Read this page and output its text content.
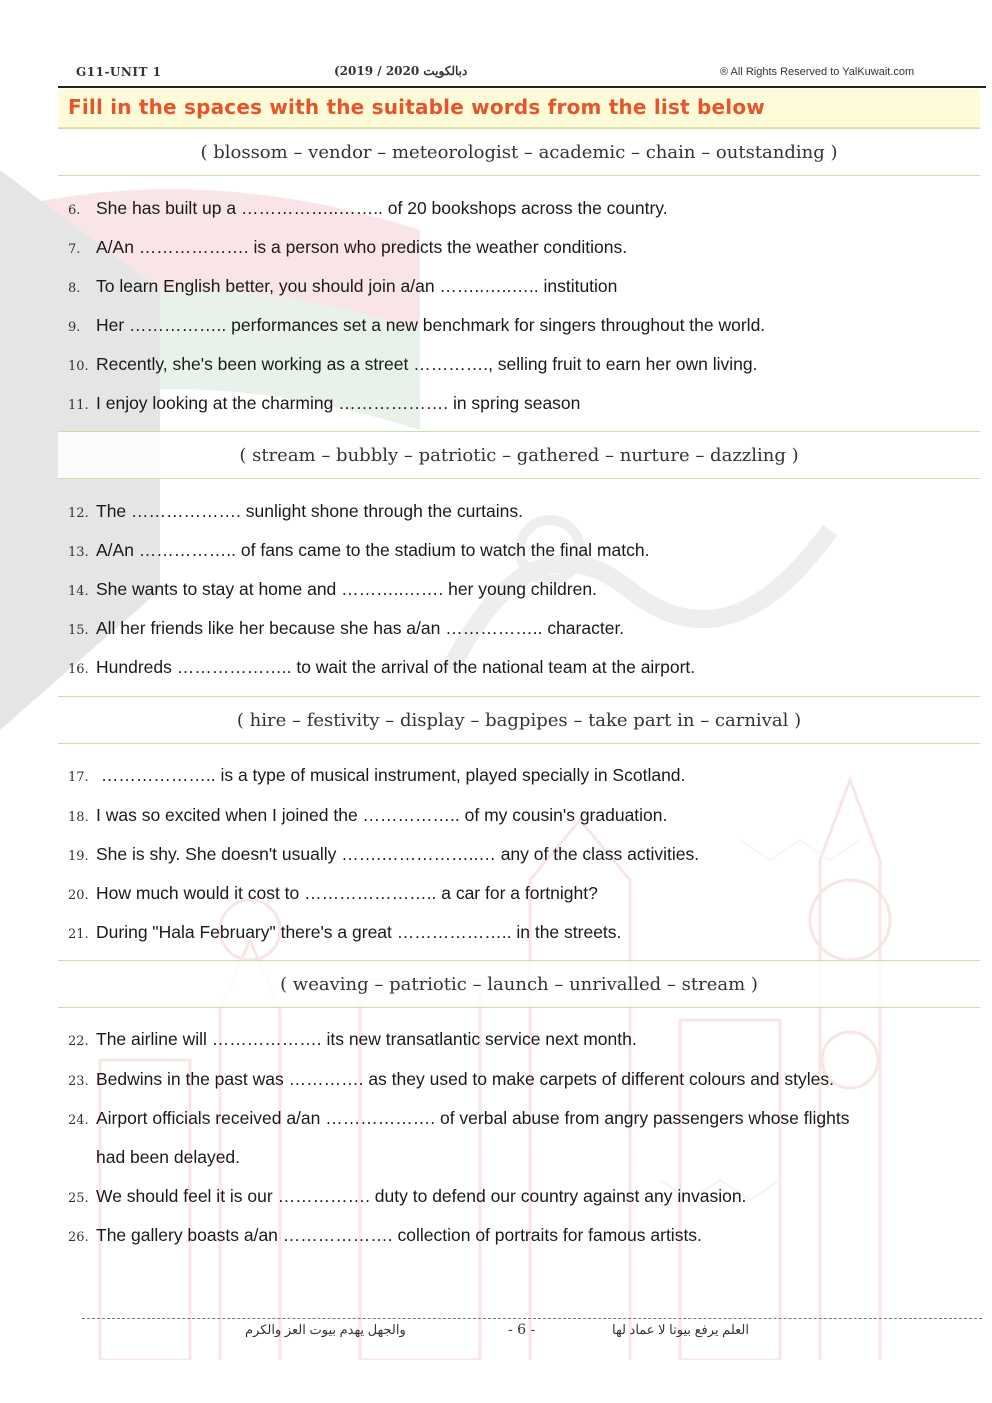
G11-UNIT 1	(2019 / 2020 دبالكويت	® All Rights Reserved to YalKuwait.com
Fill in the spaces with the suitable words from the list below
( blossom – vendor – meteorologist – academic – chain – outstanding )
6. She has built up a ……………..…….. of 20 bookshops across the country.
7. A/An ………………. is a person who predicts the weather conditions.
8. To learn English better, you should join a/an ……..…..….. institution
9. Her …………….. performances set a new benchmark for singers throughout the world.
10. Recently, she's been working as a street …………., selling fruit to earn her own living.
11. I enjoy looking at the charming ………………. in spring season
( stream – bubbly – patriotic – gathered – nurture – dazzling )
12. The ………………. sunlight shone through the curtains.
13. A/An …………….. of fans came to the stadium to watch the final match.
14. She wants to stay at home and ………..……. her young children.
15. All her friends like her because she has a/an …………….. character.
16. Hundreds ……………….. to wait the arrival of the national team at the airport.
( hire – festivity – display – bagpipes – take part in – carnival )
17. ……………….. is a type of musical instrument, played specially in Scotland.
18. I was so excited when I joined the …………….. of my cousin's graduation.
19. She is shy. She doesn't usually …….……………..… any of the class activities.
20. How much would it cost to ………………….. a car for a fortnight?
21. During "Hala February" there's a great ……………….. in the streets.
( weaving – patriotic – launch – unrivalled – stream )
22. The airline will ………………. its new transatlantic service next month.
23. Bedwins in the past was …………. as they used to make carpets of different colours and styles.
24. Airport officials received a/an ………………. of verbal abuse from angry passengers whose flights
had been delayed.
25. We should feel it is our ……………. duty to defend our country against any invasion.
26. The gallery boasts a/an ………………. collection of portraits for famous artists.
والجهل يهدم بيوت العز والكرم	- 6 -	العلم يرفع بيوتا لا عماد لها
